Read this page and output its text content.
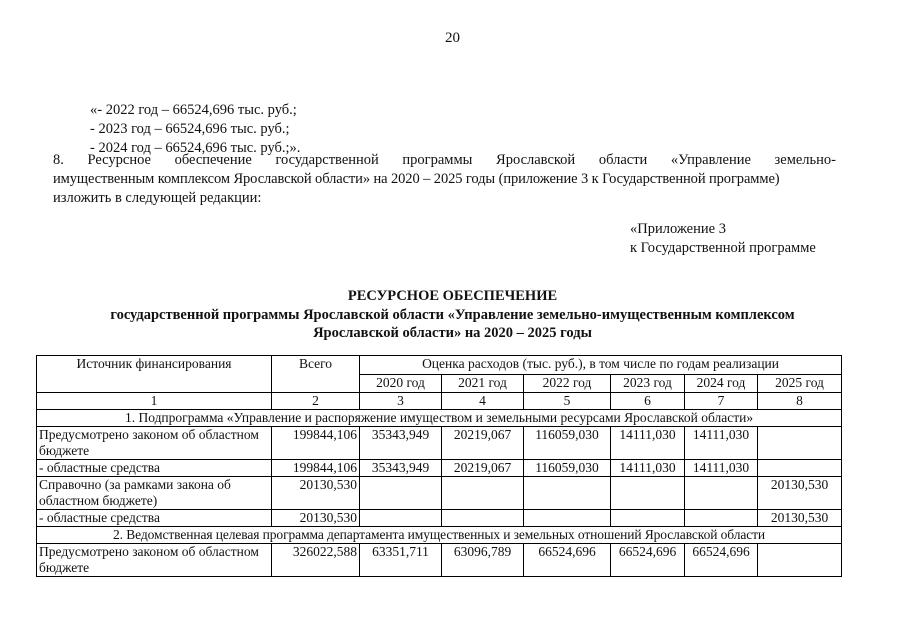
20
«- 2022 год – 66524,696 тыс. руб.;
- 2023 год – 66524,696 тыс. руб.;
- 2024 год – 66524,696 тыс. руб.;».
8. Ресурсное обеспечение государственной программы Ярославской области «Управление земельно-
имущественным комплексом Ярославской области» на 2020 – 2025 годы (приложение 3 к Государственной программе)
изложить в следующей редакции:
«Приложение 3
к Государственной программе
РЕСУРСНОЕ ОБЕСПЕЧЕНИЕ
государственной программы Ярославской области «Управление земельно-имущественным комплексом
Ярославской области» на 2020 – 2025 годы
Источник финансирования	Всего	Оценка расходов (тыс. руб.), в том числе по годам реализации					
		2020 год	2021 год	2022 год	2023 год	2024 год	2025 год
1	2	3	4	5	6	7	8
1. Подпрограмма «Управление и распоряжение имуществом и земельными ресурсами Ярославской области»							
Предусмотрено законом об областном бюджете	199844,106	35343,949	20219,067	116059,030	14111,030	14111,030	
- областные средства	199844,106	35343,949	20219,067	116059,030	14111,030	14111,030	
Справочно (за рамками закона об областном бюджете)	20130,530						20130,530
- областные средства	20130,530						20130,530
2. Ведомственная целевая программа департамента имущественных и земельных отношений Ярославской области							
Предусмотрено законом об областном бюджете	326022,588	63351,711	63096,789	66524,696	66524,696	66524,696	
